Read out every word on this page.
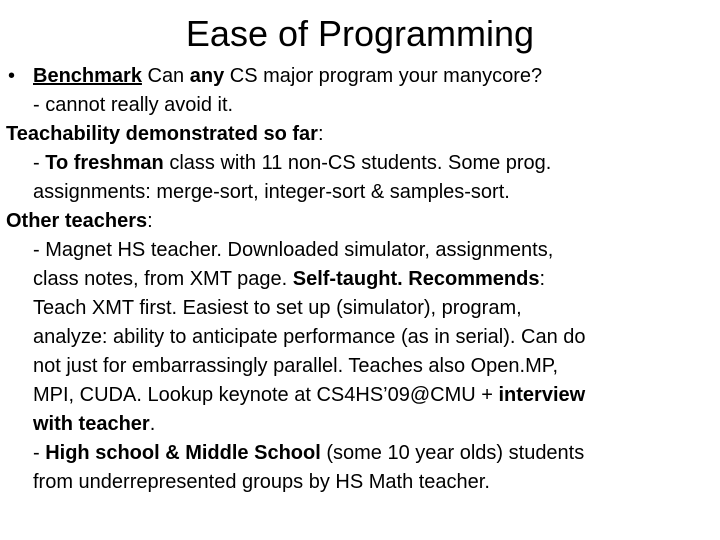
Ease of Programming
• Benchmark Can any CS major program your manycore?
- cannot really avoid it.
Teachability demonstrated so far:
- To freshman class with 11 non-CS students. Some prog.
assignments: merge-sort, integer-sort & samples-sort.
Other teachers:
- Magnet HS teacher. Downloaded simulator, assignments,
class notes, from XMT page. Self-taught. Recommends:
Teach XMT first. Easiest to set up (simulator), program,
analyze: ability to anticipate performance (as in serial). Can do
not just for embarrassingly parallel. Teaches also Open.MP,
MPI, CUDA. Lookup keynote at CS4HS’09@CMU + interview
with teacher.
- High school & Middle School (some 10 year olds) students
from underrepresented groups by HS Math teacher.
